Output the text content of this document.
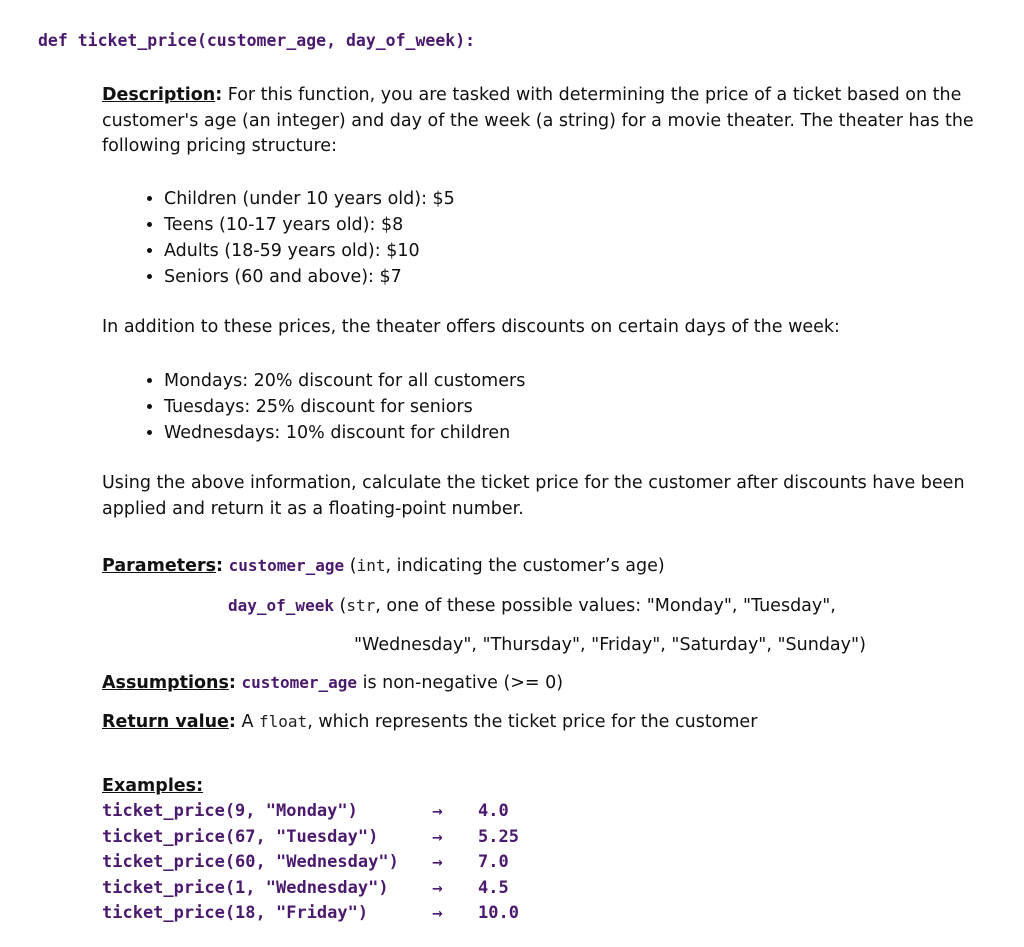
def ticket_price(customer_age, day_of_week):
Description: For this function, you are tasked with determining the price of a ticket based on the customer's age (an integer) and day of the week (a string) for a movie theater. The theater has the following pricing structure:
• Children (under 10 years old): $5
• Teens (10-17 years old): $8
• Adults (18-59 years old): $10
• Seniors (60 and above): $7
In addition to these prices, the theater offers discounts on certain days of the week:
• Mondays: 20% discount for all customers
• Tuesdays: 25% discount for seniors
• Wednesdays: 10% discount for children
Using the above information, calculate the ticket price for the customer after discounts have been applied and return it as a floating-point number.
Parameters: customer_age (int, indicating the customer’s age)
day_of_week (str, one of these possible values: "Monday", "Tuesday",
"Wednesday", "Thursday", "Friday", "Saturday", "Sunday")
Assumptions: customer_age is non-negative (>= 0)
Return value: A float, which represents the ticket price for the customer
Examples:
ticket_price(9, "Monday")	→ 4.0
ticket_price(67, "Tuesday")	→ 5.25
ticket_price(60, "Wednesday")	→ 7.0
ticket_price(1, "Wednesday")	→ 4.5
ticket_price(18, "Friday")	→ 10.0
